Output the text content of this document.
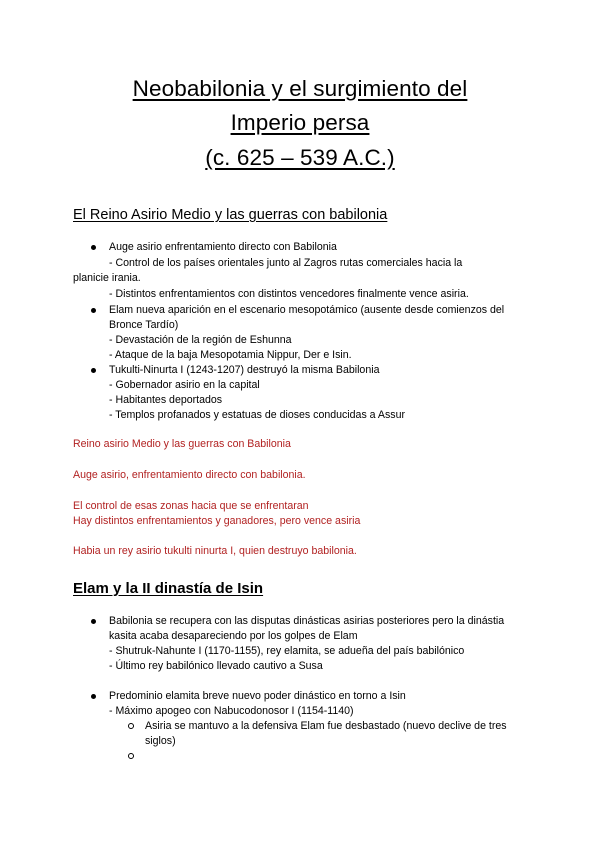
Neobabilonia y el surgimiento del
Imperio persa
(c. 625 – 539 A.C.)
El Reino Asirio Medio y las guerras con babilonia
Auge asirio enfrentamiento directo con Babilonia
- Control de los países orientales junto al Zagros rutas comerciales hacia la
planicie irania.
- Distintos enfrentamientos con distintos vencedores finalmente vence asiria.
Elam nueva aparición en el escenario mesopotámico (ausente desde comienzos del
Bronce Tardío)
- Devastación de la región de Eshunna
- Ataque de la baja Mesopotamia Nippur, Der e Isin.
Tukulti-Ninurta I (1243-1207) destruyó la misma Babilonia
- Gobernador asirio en la capital
- Habitantes deportados
- Templos profanados y estatuas de dioses conducidas a Assur
Reino asirio Medio y las guerras con Babilonia
Auge asirio, enfrentamiento directo con babilonia.
El control de esas zonas hacia que se enfrentaran
Hay distintos enfrentamientos y ganadores, pero vence asiria
Habia un rey asirio tukulti ninurta I, quien destruyo babilonia.
Elam y la II dinastía de Isin
Babilonia se recupera con las disputas dinásticas asirias posteriores pero la dinástia
kasita acaba desapareciendo por los golpes de Elam
- Shutruk-Nahunte I (1170-1155), rey elamita, se adueña del país babilónico
- Último rey babilónico llevado cautivo a Susa
Predominio elamita breve nuevo poder dinástico en torno a Isin
- Máximo apogeo con Nabucodonosor I (1154-1140)
Asiria se mantuvo a la defensiva Elam fue desbastado (nuevo declive de tres
siglos)
